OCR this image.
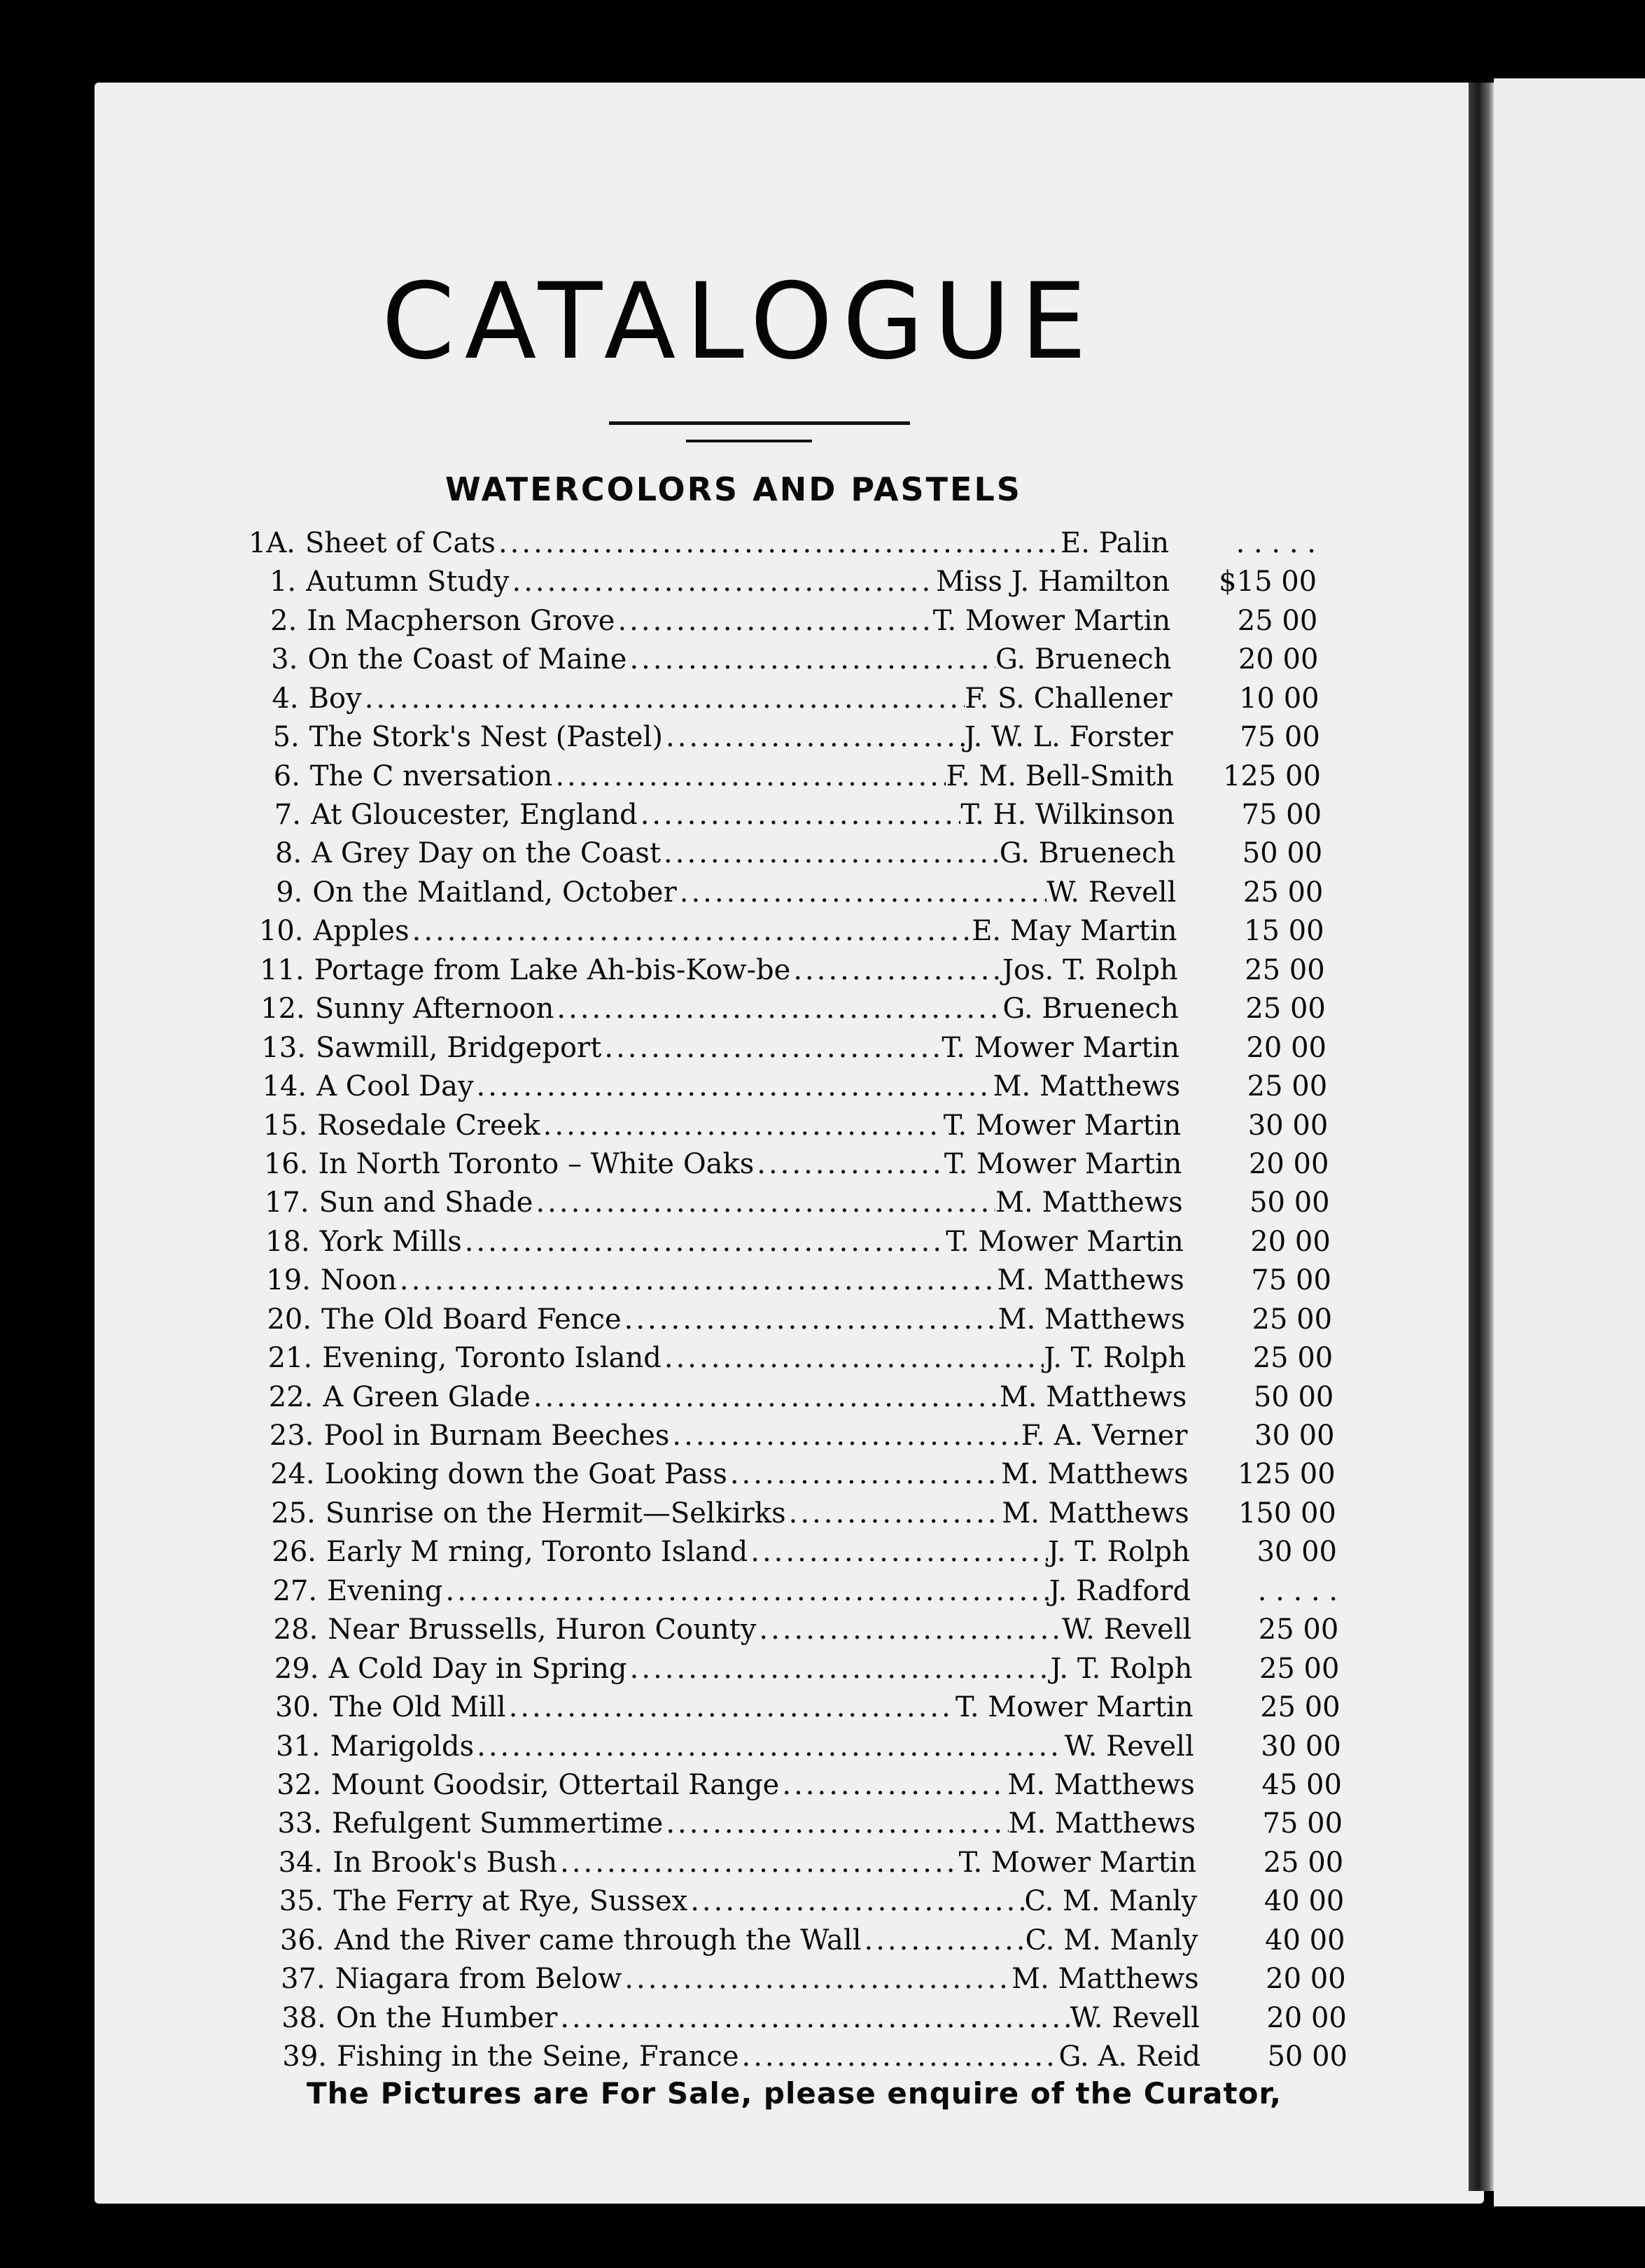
CATALOGUE
WATERCOLORS AND PASTELS
1A. Sheet of Cats .....	E. Palin	. . . . .
1. Autumn Study .....	Miss J. Hamilton	$15 00
2. In Macpherson Grove .....	T. Mower Martin	25 00
3. On the Coast of Maine .....	G. Bruenech	20 00
4. Boy .....	F. S. Challener	10 00
5. The Stork's Nest (Pastel) .....	J. W. L. Forster	75 00
6. The C nversation .....	F. M. Bell-Smith	125 00
7. At Gloucester, England .....	T. H. Wilkinson	75 00
8. A Grey Day on the Coast .....	G. Bruenech	50 00
9. On the Maitland, October .....	W. Revell	25 00
10. Apples .....	E. May Martin	15 00
11. Portage from Lake Ah-bis-Kow-be .....	Jos. T. Rolph	25 00
12. Sunny Afternoon .....	G. Bruenech	25 00
13. Sawmill, Bridgeport .....	T. Mower Martin	20 00
14. A Cool Day .....	M. Matthews	25 00
15. Rosedale Creek .....	T. Mower Martin	30 00
16. In North Toronto – White Oaks .....	T. Mower Martin	20 00
17. Sun and Shade .....	M. Matthews	50 00
18. York Mills .....	T. Mower Martin	20 00
19. Noon .....	M. Matthews	75 00
20. The Old Board Fence .....	M. Matthews	25 00
21. Evening, Toronto Island .....	J. T. Rolph	25 00
22. A Green Glade .....	M. Matthews	50 00
23. Pool in Burnam Beeches .....	F. A. Verner	30 00
24. Looking down the Goat Pass .....	M. Matthews	125 00
25. Sunrise on the Hermit—Selkirks .....	M. Matthews	150 00
26. Early M rning, Toronto Island .....	J. T. Rolph	30 00
27. Evening .....	J. Radford	. . . . .
28. Near Brussells, Huron County .....	W. Revell	25 00
29. A Cold Day in Spring .....	J. T. Rolph	25 00
30. The Old Mill .....	T. Mower Martin	25 00
31. Marigolds .....	W. Revell	30 00
32. Mount Goodsir, Ottertail Range .....	M. Matthews	45 00
33. Refulgent Summertime .....	M. Matthews	75 00
34. In Brook's Bush .....	T. Mower Martin	25 00
35. The Ferry at Rye, Sussex .....	C. M. Manly	40 00
36. And the River came through the Wall .....	C. M. Manly	40 00
37. Niagara from Below .....	M. Matthews	20 00
38. On the Humber .....	W. Revell	20 00
39. Fishing in the Seine, France .....	G. A. Reid	50 00
The Pictures are For Sale, please enquire of the Curator,
